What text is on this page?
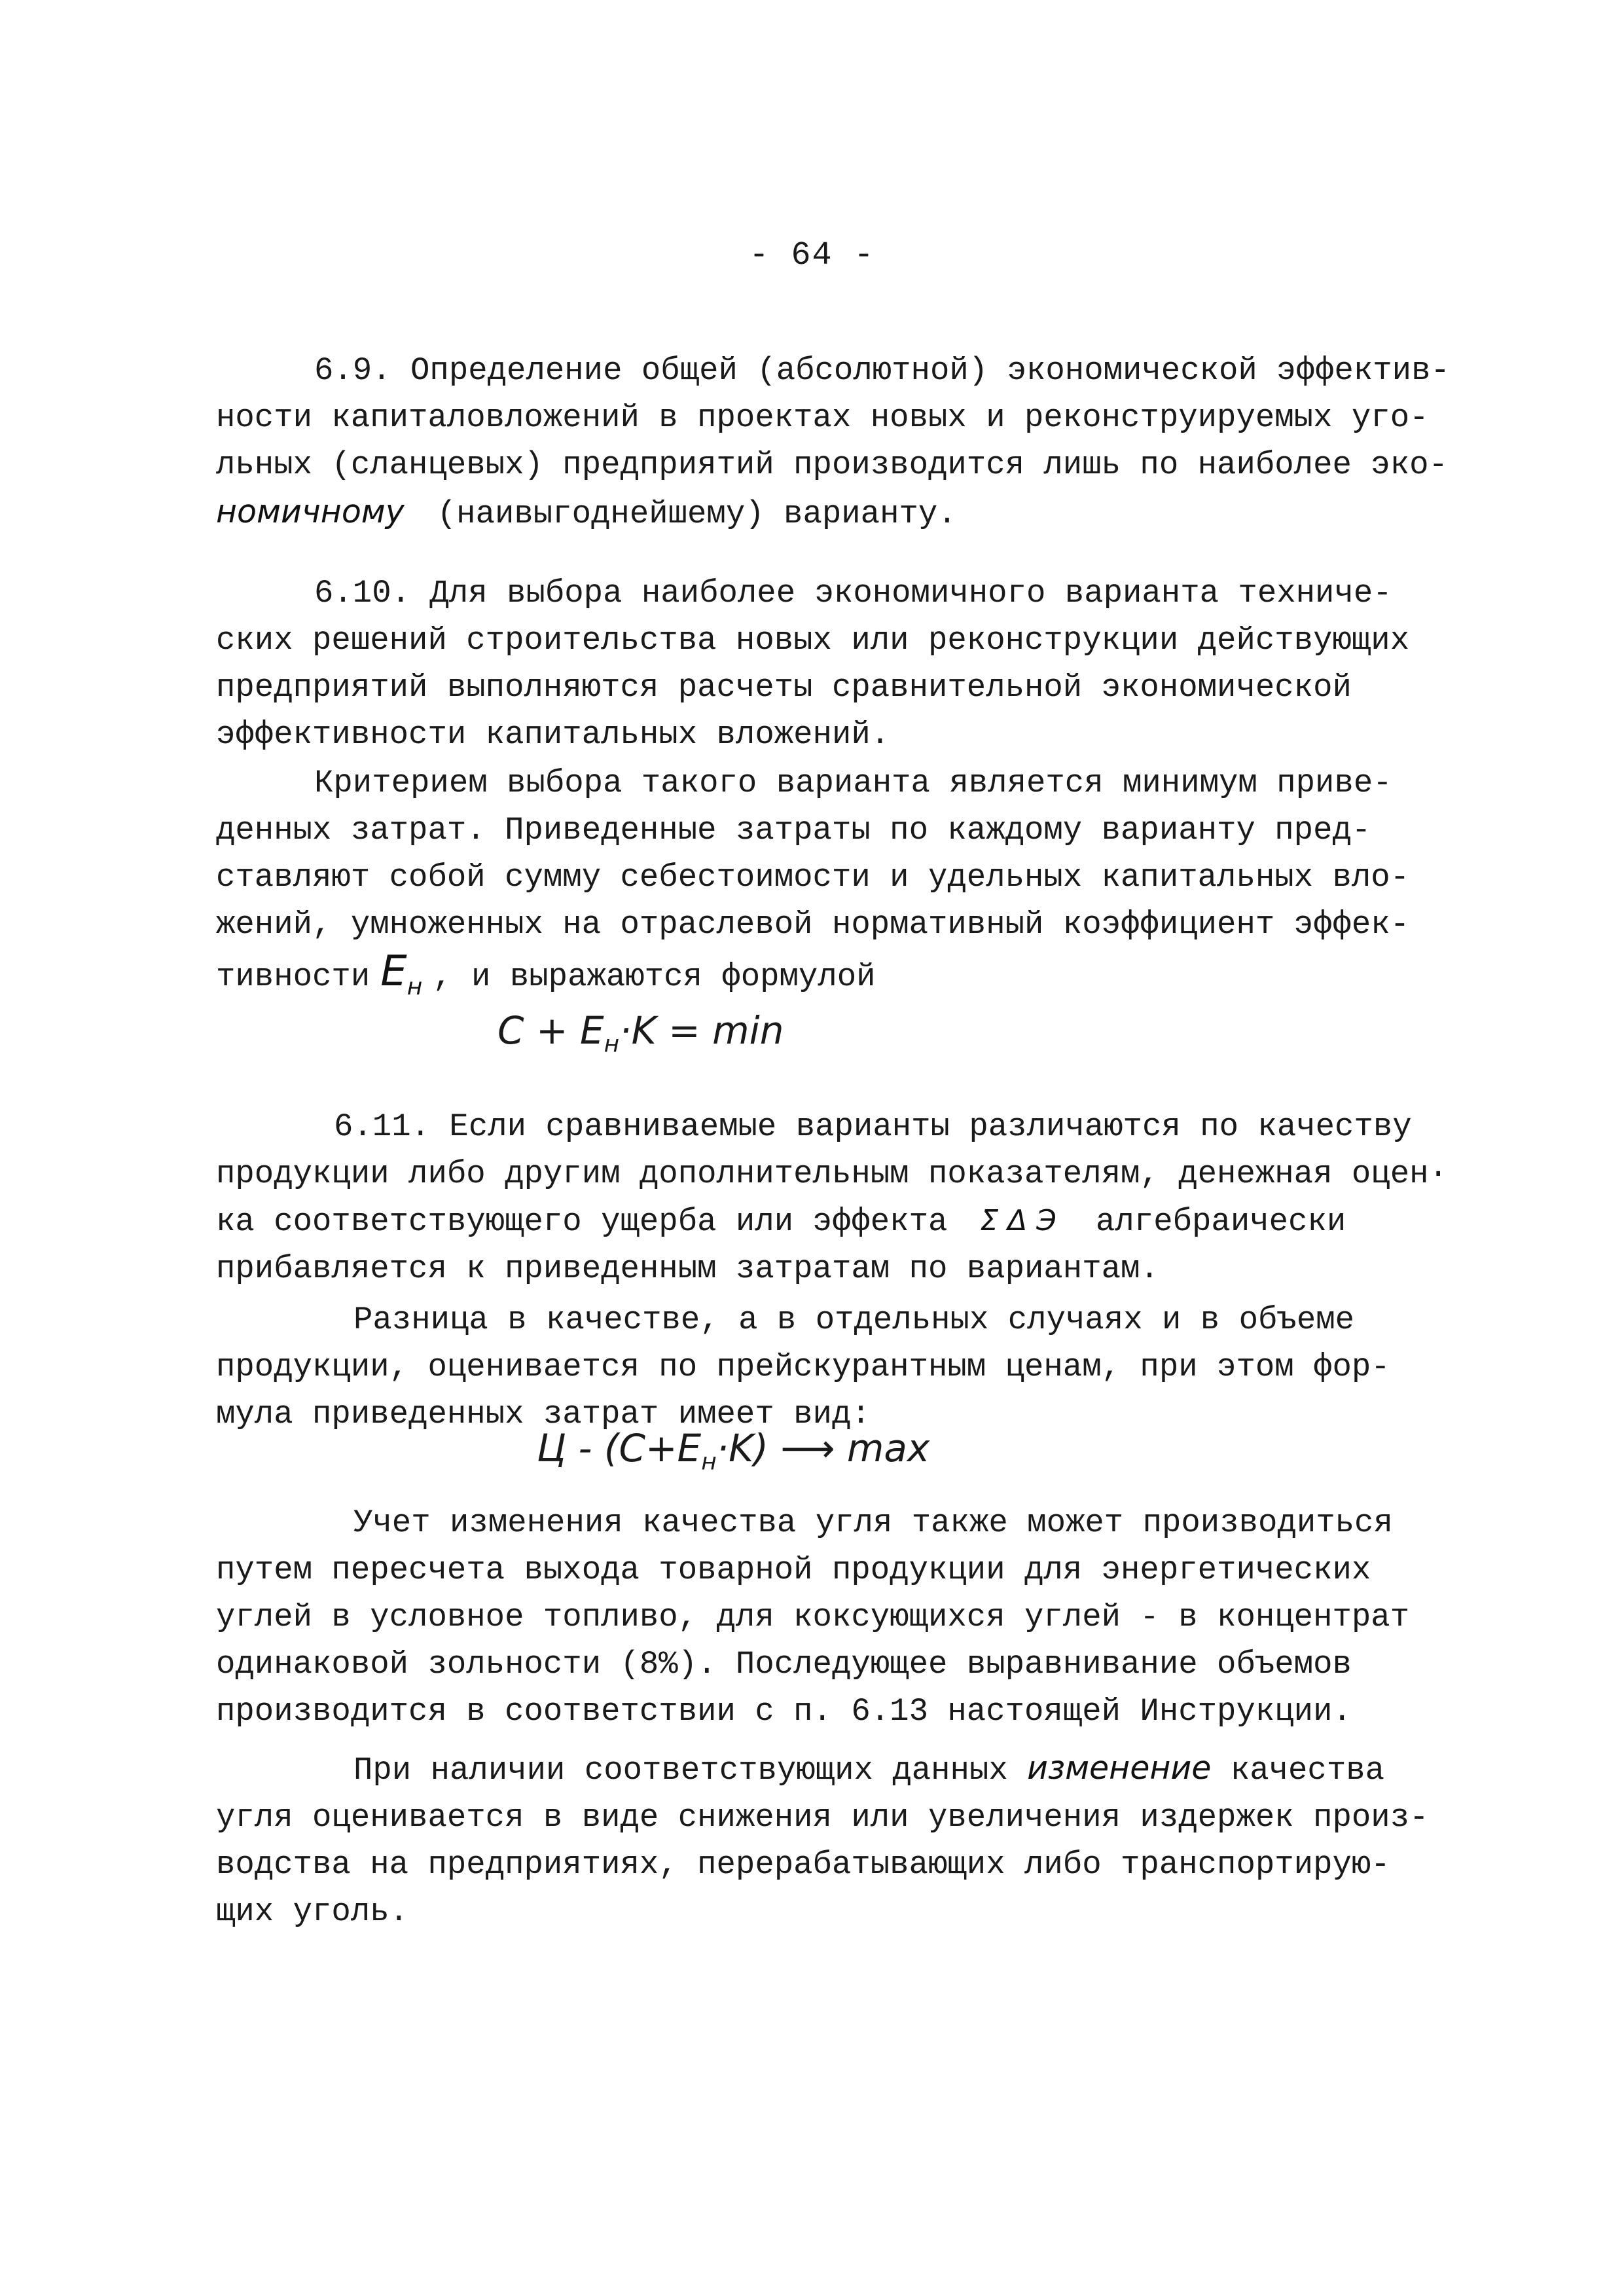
- 64 -
6.9. Определение общей (абсолютной) экономической эффектив-
ности капиталовложений в проектах новых и реконструируемых уго-
льных (сланцевых) предприятий производится лишь по наиболее эко-
номичному (наивыгоднейшему) варианту.
6.10. Для выбора наиболее экономичного варианта техниче-
ских решений строительства новых или реконструкции действующих
предприятий выполняются расчеты сравнительной экономической
эффективности капитальных вложений.
Критерием выбора такого варианта является минимум приве-
денных затрат. Приведенные затраты по каждому варианту пред-
ставляют собой сумму себестоимости и удельных капитальных вло-
жений, умноженных на отраслевой нормативный коэффициент эффек-
тивности $E_н$ , и выражаются формулой
$C + E_н\cdot K = \min$
6.11. Если сравниваемые варианты различаются по качеству
продукции либо другим дополнительным показателям, денежная оцен·
ка соответствующего ущерба или эффекта Σ Δ Э алгебраически
прибавляется к приведенным затратам по вариантам.
Разница в качестве, а в отдельных случаях и в объеме
продукции, оценивается по прейскурантным ценам, при этом фор-
мула приведенных затрат имеет вид:
$Ц - (С+E_н\cdot K)$ ⟶ max
Учет изменения качества угля также может производиться
путем пересчета выхода товарной продукции для энергетических
углей в условное топливо, для коксующихся углей - в концентрат
одинаковой зольности (8%). Последующее выравнивание объемов
производится в соответствии с п. 6.13 настоящей Инструкции.
При наличии соответствующих данных изменение качества
угля оценивается в виде снижения или увеличения издержек произ-
водства на предприятиях, перерабатывающих либо транспортирую-
щих уголь.
